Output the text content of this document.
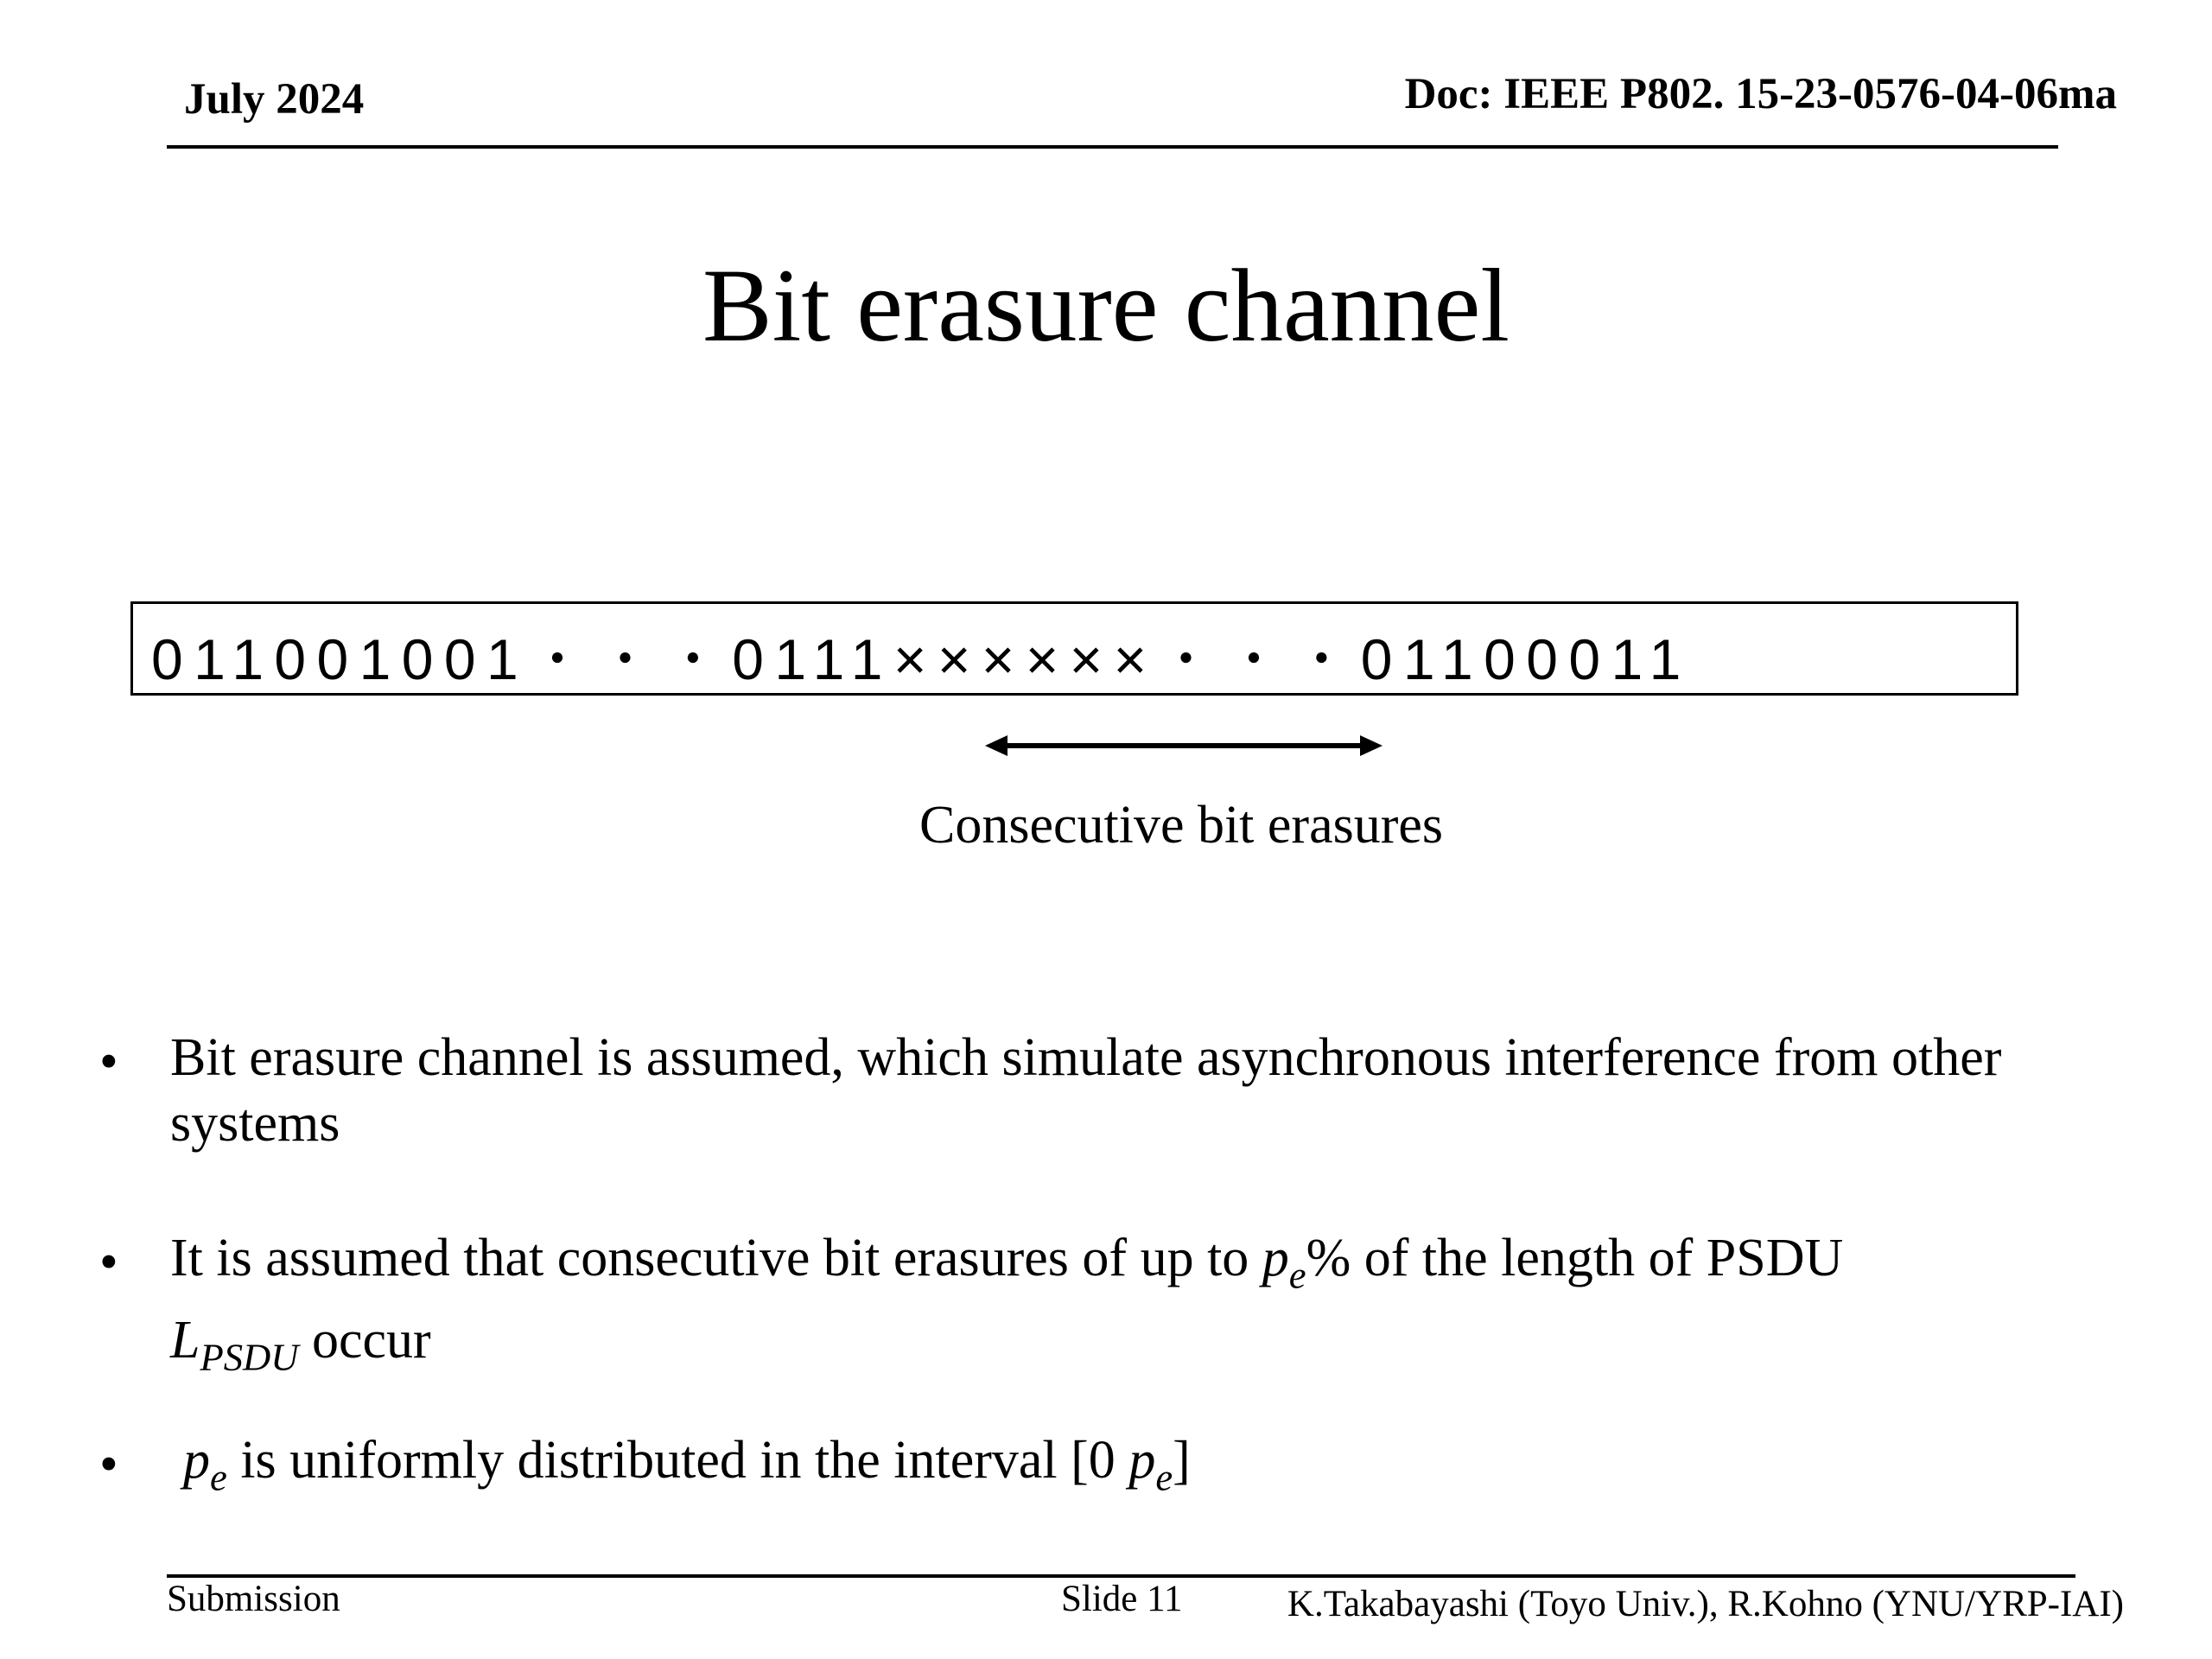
July 2024	Doc: IEEE P802. 15-23-0576-04-06ma
Bit erasure channel
011001001・・・0111××××××・・・01100011
Consecutive bit erasures
• Bit erasure channel is assumed, which simulate asynchronous interference from other systems
• It is assumed that consecutive bit erasures of up to $p_e\%$ of the length of PSDU
$L_{PSDU}$ occur
• $p_e$ is uniformly distributed in the interval [0 $p_e$]
Submission	Slide 11	K.Takabayashi (Toyo Univ.), R.Kohno (YNU/YRP-IAI)
